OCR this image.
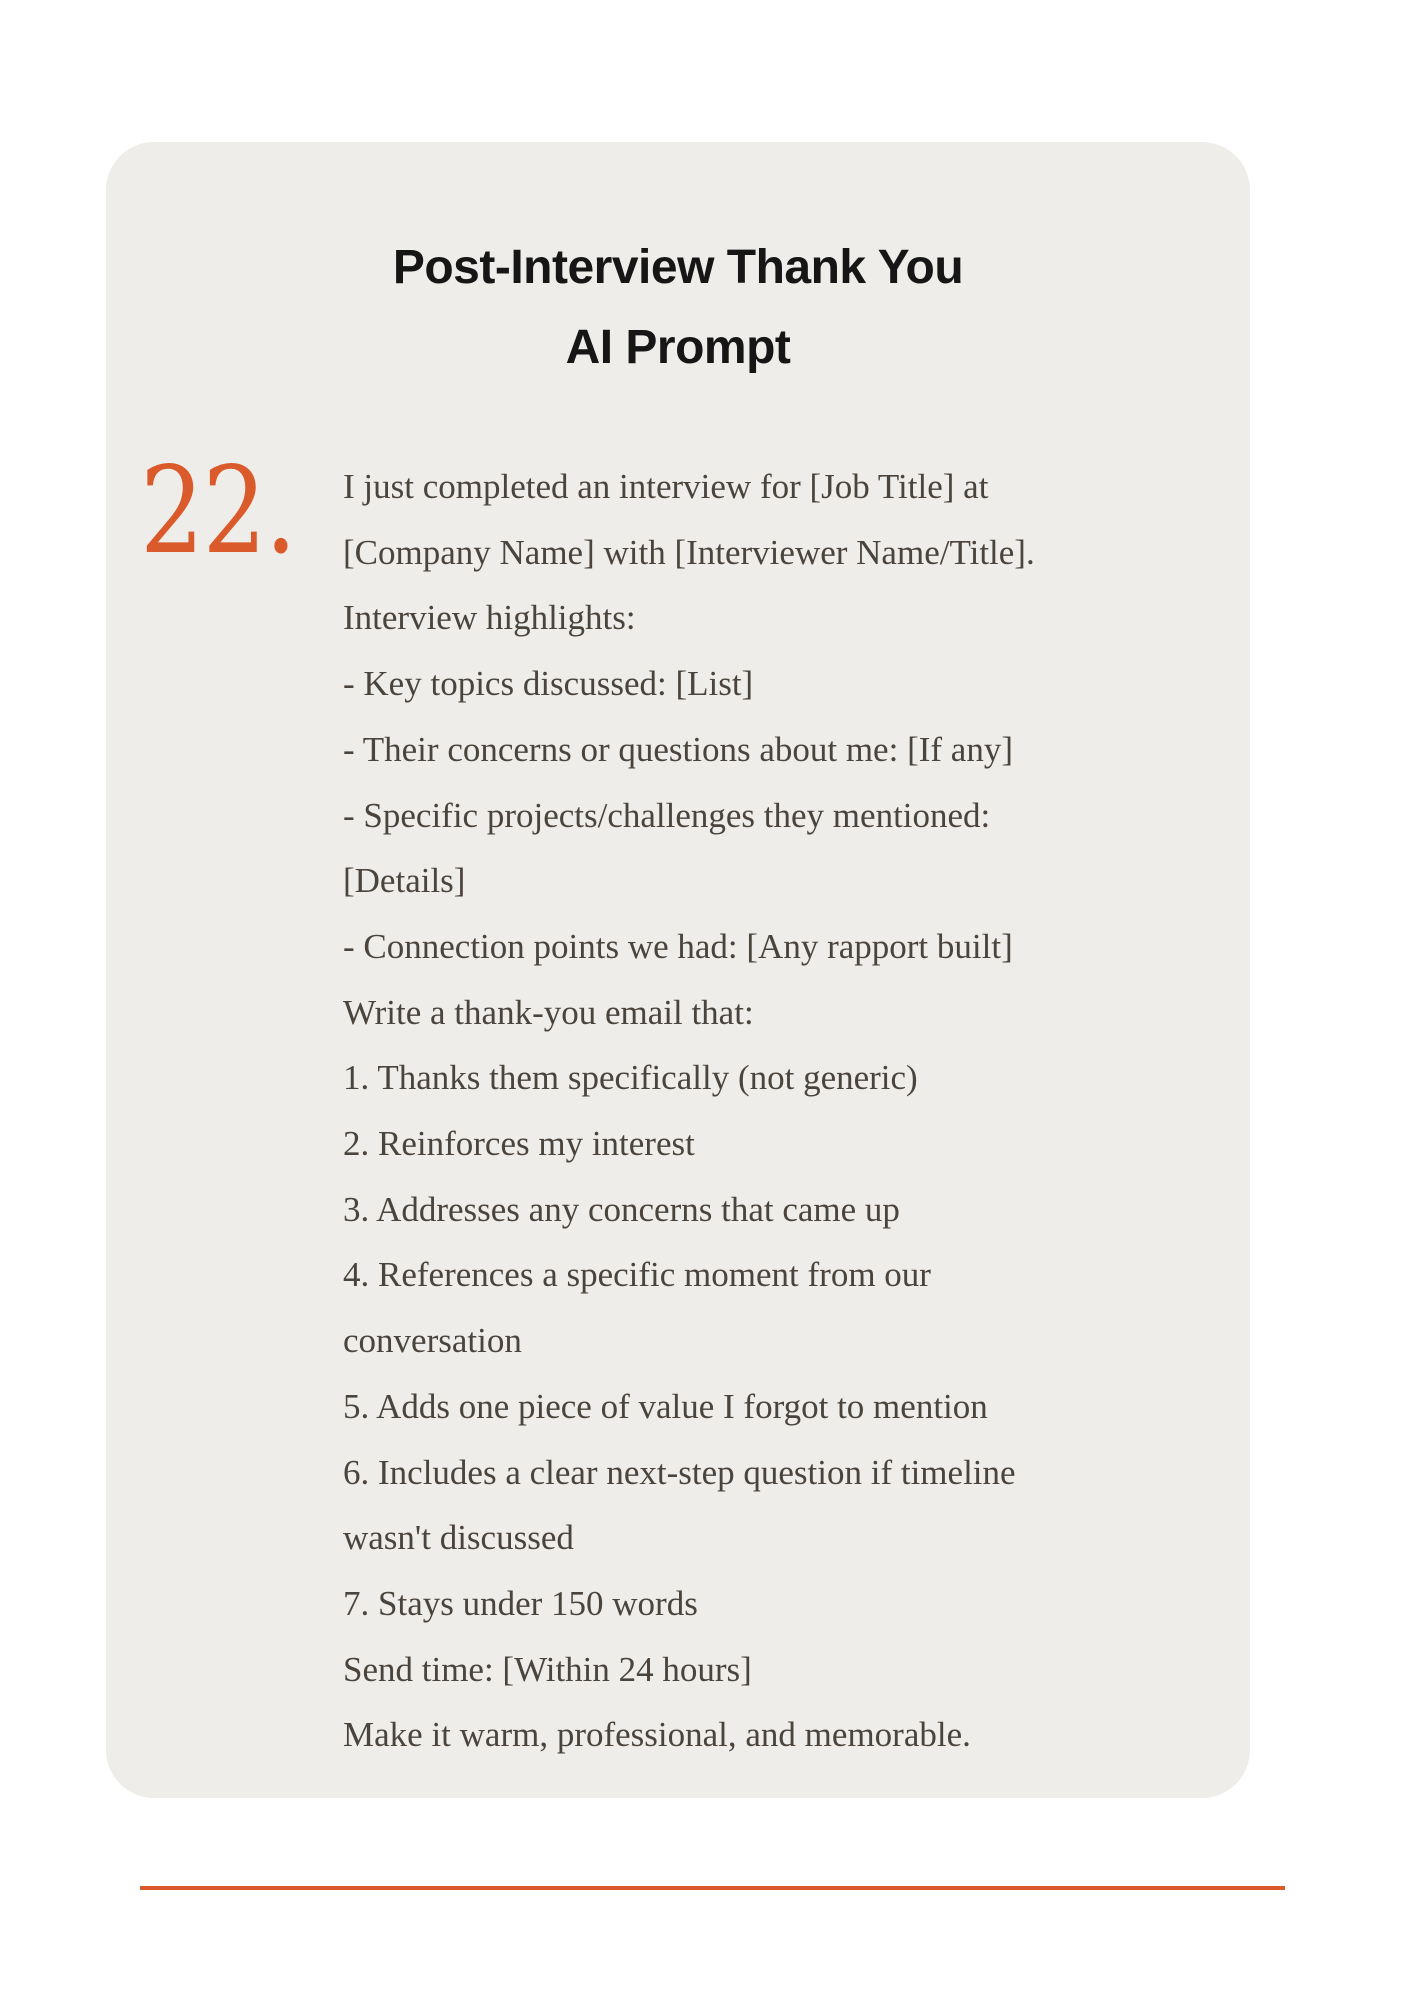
Post-Interview Thank You
AI Prompt
22. I just completed an interview for [Job Title] at
[Company Name] with [Interviewer Name/Title].
Interview highlights:
- Key topics discussed: [List]
- Their concerns or questions about me: [If any]
- Specific projects/challenges they mentioned:
[Details]
- Connection points we had: [Any rapport built]
Write a thank-you email that:
1. Thanks them specifically (not generic)
2. Reinforces my interest
3. Addresses any concerns that came up
4. References a specific moment from our
conversation
5. Adds one piece of value I forgot to mention
6. Includes a clear next-step question if timeline
wasn't discussed
7. Stays under 150 words
Send time: [Within 24 hours]
Make it warm, professional, and memorable.
